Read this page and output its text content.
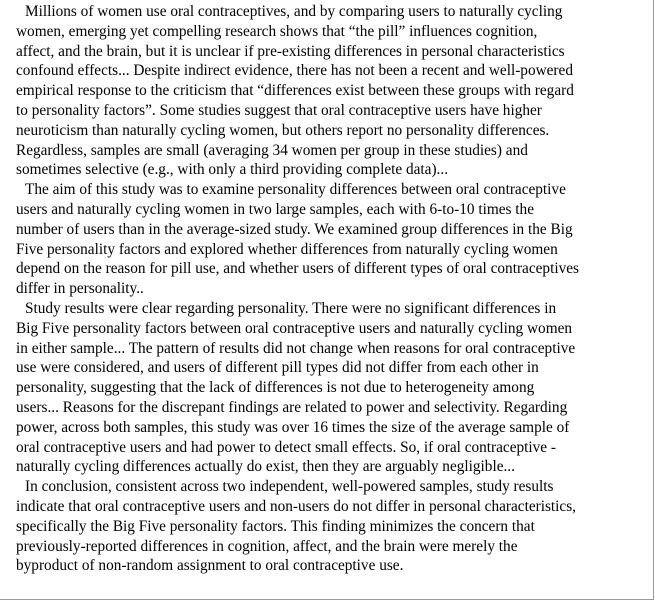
Millions of women use oral contraceptives, and by comparing users to naturally cycling
women, emerging yet compelling research shows that “the pill” influences cognition,
affect, and the brain, but it is unclear if pre-existing differences in personal characteristics
confound effects... Despite indirect evidence, there has not been a recent and well-powered
empirical response to the criticism that “differences exist between these groups with regard
to personality factors”. Some studies suggest that oral contraceptive users have higher
neuroticism than naturally cycling women, but others report no personality differences.
Regardless, samples are small (averaging 34 women per group in these studies) and
sometimes selective (e.g., with only a third providing complete data)...

The aim of this study was to examine personality differences between oral contraceptive
users and naturally cycling women in two large samples, each with 6-to-10 times the
number of users than in the average-sized study. We examined group differences in the Big
Five personality factors and explored whether differences from naturally cycling women
depend on the reason for pill use, and whether users of different types of oral contraceptives
differ in personality..

Study results were clear regarding personality. There were no significant differences in
Big Five personality factors between oral contraceptive users and naturally cycling women
in either sample... The pattern of results did not change when reasons for oral contraceptive
use were considered, and users of different pill types did not differ from each other in
personality, suggesting that the lack of differences is not due to heterogeneity among
users... Reasons for the discrepant findings are related to power and selectivity. Regarding
power, across both samples, this study was over 16 times the size of the average sample of
oral contraceptive users and had power to detect small effects. So, if oral contraceptive -
naturally cycling differences actually do exist, then they are arguably negligible...

In conclusion, consistent across two independent, well-powered samples, study results
indicate that oral contraceptive users and non-users do not differ in personal characteristics,
specifically the Big Five personality factors. This finding minimizes the concern that
previously-reported differences in cognition, affect, and the brain were merely the
byproduct of non-random assignment to oral contraceptive use.
